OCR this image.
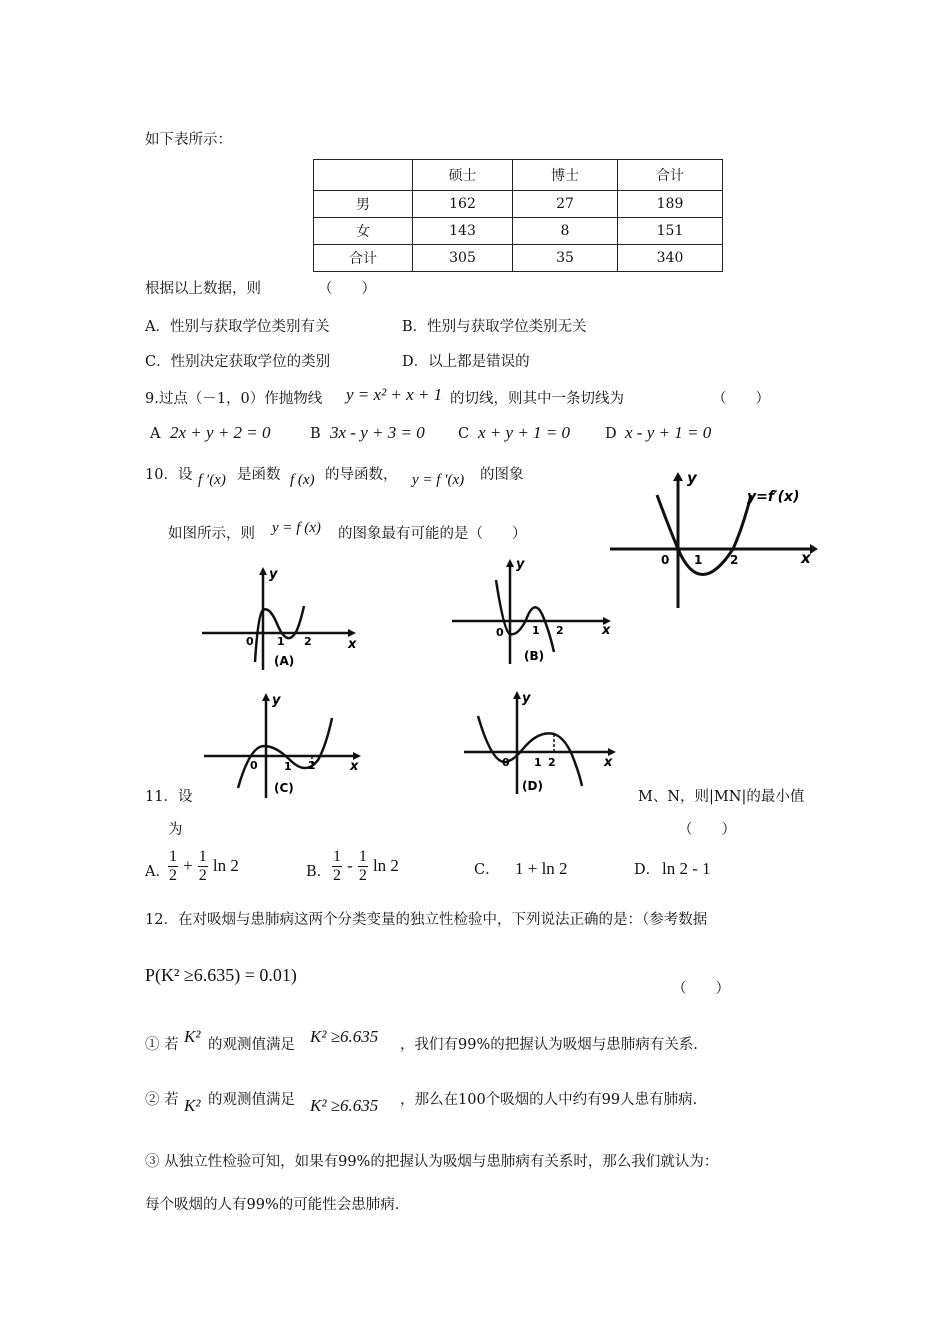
如下表所示：
	硕士	博士	合计
男	162	27	189
女	143	8	151
合计	305	35	340
根据以上数据，则	（　　）
A．性别与获取学位类别有关	B．性别与获取学位类别无关
C．性别决定获取学位的类别	D．以上都是错误的
9.过点（－1，0）作抛物线 y = x² + x + 1 的切线，则其中一条切线为	（　　）
A 2x + y + 2 = 0	B 3x - y + 3 = 0 C x + y + 1 = 0 D x - y + 1 = 0
10．设 f ′(x) 是函数 f (x) 的导函数， y = f ′(x) 的图象
如图所示，则 y = f (x) 的图象最有可能的是（　　）
y
x
0 1 2
y=f′(x)
y
x
0 1 2
(A)
y
x
0	1 2
(B)
y
x
0 1 2
(C)
y
x
0 1 2
(D)
11．设	M、N，则|MN|的最小值
为	（　　）
A．
$\frac{1}{2} + \frac{1}{2}$ ln 2	B． $\frac{1}{2} - \frac{1}{2}$ ln 2	C． 1 + ln 2	D． ln 2 - 1
12．在对吸烟与患肺病这两个分类变量的独立性检验中，下列说法正确的是：（参考数据
P(K² ≥6.635) = 0.01)
（　　）
① 若 K² 的观测值满足 K² ≥6.635 ，我们有99%的把握认为吸烟与患肺病有关系.
② 若 K² 的观测值满足 K² ≥6.635 ，那么在100个吸烟的人中约有99人患有肺病.
③ 从独立性检验可知，如果有99%的把握认为吸烟与患肺病有关系时，那么我们就认为：
每个吸烟的人有99%的可能性会患肺病.
